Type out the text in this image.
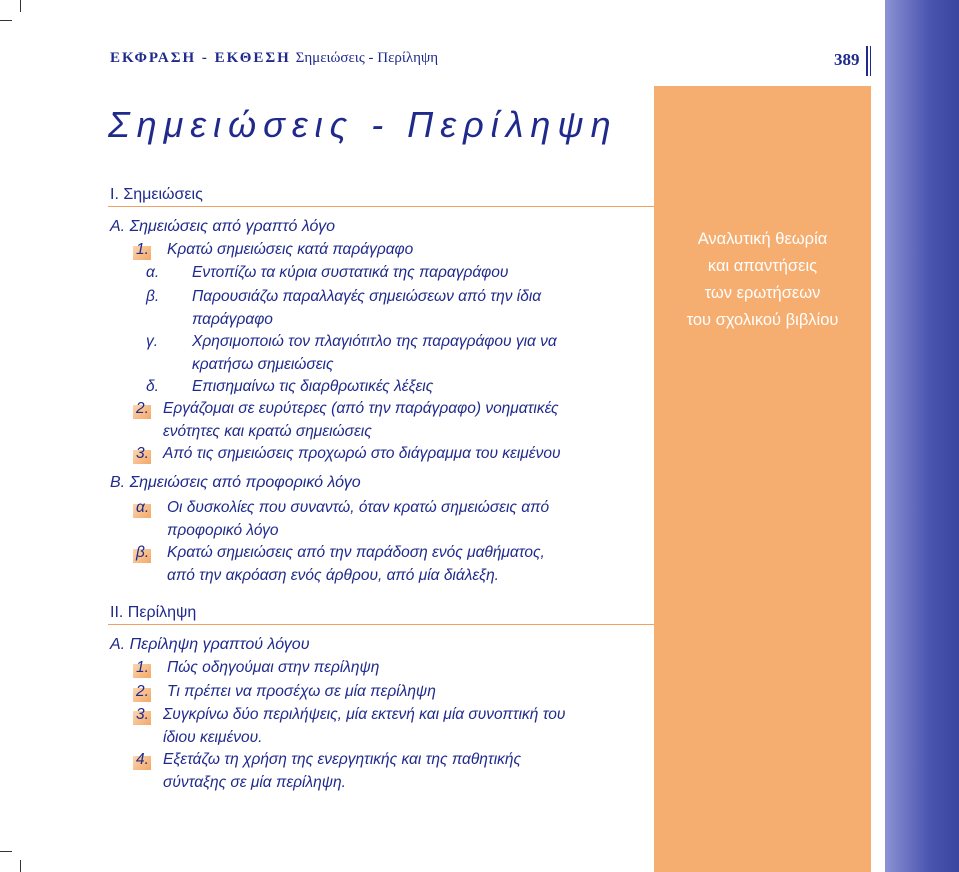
ΕΚΦΡΑΣΗ - ΕΚΘΕΣΗ Σημειώσεις - Περίληψη	389
Αναλυτική θεωρία
και απαντήσεις
των ερωτήσεων
του σχολικού βιβλίου
Σημειώσεις - Περίληψη
Ι. Σημειώσεις
Α. Σημειώσεις από γραπτό λόγο
1. Κρατώ σημειώσεις κατά παράγραφο
α. Εντοπίζω τα κύρια συστατικά της παραγράφου
β. Παρουσιάζω παραλλαγές σημειώσεων από την ίδια
παράγραφο
γ. Χρησιμοποιώ τον πλαγιότιτλο της παραγράφου για να
κρατήσω σημειώσεις
δ. Επισημαίνω τις διαρθρωτικές λέξεις
2. Εργάζομαι σε ευρύτερες (από την παράγραφο) νοηματικές
ενότητες και κρατώ σημειώσεις
3. Από τις σημειώσεις προχωρώ στο διάγραμμα του κειμένου
Β. Σημειώσεις από προφορικό λόγο
α. Οι δυσκολίες που συναντώ, όταν κρατώ σημειώσεις από
προφορικό λόγο
β. Κρατώ σημειώσεις από την παράδοση ενός μαθήματος,
από την ακρόαση ενός άρθρου, από μία διάλεξη.
ΙΙ. Περίληψη
Α. Περίληψη γραπτού λόγου
1. Πώς οδηγούμαι στην περίληψη
2. Τι πρέπει να προσέχω σε μία περίληψη
3. Συγκρίνω δύο περιλήψεις, μία εκτενή και μία συνοπτική του
ίδιου κειμένου.
4. Εξετάζω τη χρήση της ενεργητικής και της παθητικής
σύνταξης σε μία περίληψη.
